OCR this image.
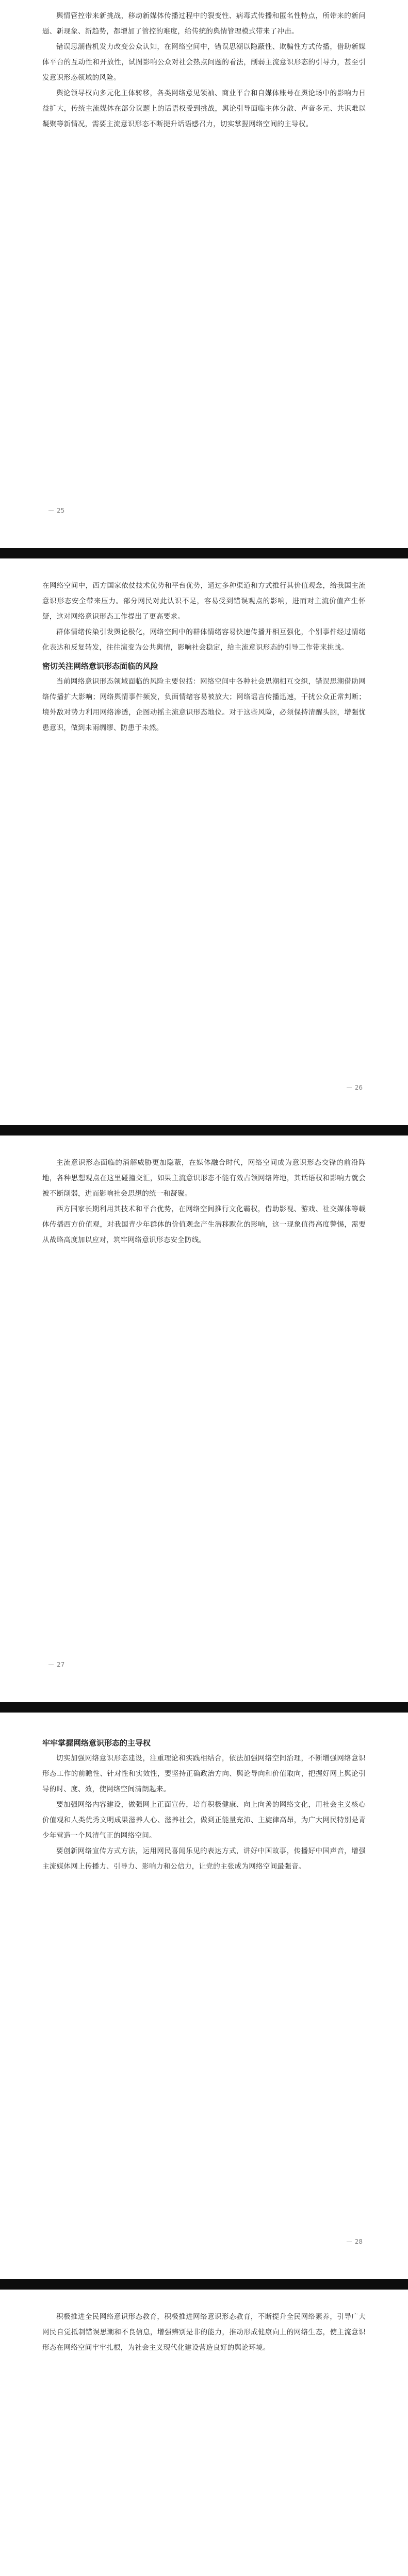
舆情管控带来新挑战，移动新媒体传播过程中的裂变性、病毒式传播和匿名性特点，所带来的新问题、新现象、新趋势，都增加了管控的难度，给传统的舆情管理模式带来了冲击。

错误思潮借机发力改变公众认知，在网络空间中，错误思潮以隐蔽性、欺骗性方式传播，借助新媒体平台的互动性和开放性，试图影响公众对社会热点问题的看法，削弱主流意识形态的引导力，甚至引发意识形态领域的风险。

舆论领导权向多元化主体转移，各类网络意见领袖、商业平台和自媒体账号在舆论场中的影响力日益扩大，传统主流媒体在部分议题上的话语权受到挑战，舆论引导面临主体分散、声音多元、共识难以凝聚等新情况，需要主流意识形态不断提升话语感召力，切实掌握网络空间的主导权。

25

在网络空间中，西方国家依仗技术优势和平台优势，通过多种渠道和方式推行其价值观念，给我国主流意识形态安全带来压力。部分网民对此认识不足，容易受到错误观点的影响，进而对主流价值产生怀疑，这对网络意识形态工作提出了更高要求。

群体情绪传染引发舆论极化，网络空间中的群体情绪容易快速传播并相互强化，个别事件经过情绪化表达和反复转发，往往演变为公共舆情，影响社会稳定，给主流意识形态的引导工作带来挑战。

密切关注网络意识形态面临的风险

当前网络意识形态领域面临的风险主要包括：网络空间中各种社会思潮相互交织，错误思潮借助网络传播扩大影响；网络舆情事件频发，负面情绪容易被放大；网络谣言传播迅速，干扰公众正常判断；境外敌对势力利用网络渗透，企图动摇主流意识形态地位。对于这些风险，必须保持清醒头脑，增强忧患意识，做到未雨绸缪、防患于未然。

26

主流意识形态面临的消解威胁更加隐蔽，在媒体融合时代，网络空间成为意识形态交锋的前沿阵地，各种思想观点在这里碰撞交汇，如果主流意识形态不能有效占领网络阵地，其话语权和影响力就会被不断削弱，进而影响社会思想的统一和凝聚。

西方国家长期利用其技术和平台优势，在网络空间推行文化霸权，借助影视、游戏、社交媒体等载体传播西方价值观，对我国青少年群体的价值观念产生潜移默化的影响，这一现象值得高度警惕，需要从战略高度加以应对，筑牢网络意识形态安全防线。

27
牢牢掌握网络意识形态的主导权

切实加强网络意识形态建设，注重理论和实践相结合，依法加强网络空间治理，不断增强网络意识形态工作的前瞻性、针对性和实效性，要坚持正确政治方向、舆论导向和价值取向，把握好网上舆论引导的时、度、效，使网络空间清朗起来。

要加强网络内容建设，做强网上正面宣传，培育积极健康、向上向善的网络文化，用社会主义核心价值观和人类优秀文明成果滋养人心、滋养社会，做到正能量充沛、主旋律高昂，为广大网民特别是青少年营造一个风清气正的网络空间。

要创新网络宣传方式方法，运用网民喜闻乐见的表达方式，讲好中国故事，传播好中国声音，增强主流媒体网上传播力、引导力、影响力和公信力，让党的主张成为网络空间最强音。

28

积极推进全民网络意识形态教育，积极推进网络意识形态教育，不断提升全民网络素养，引导广大网民自觉抵制错误思潮和不良信息，增强辨别是非的能力，推动形成健康向上的网络生态，使主流意识形态在网络空间牢牢扎根，为社会主义现代化建设营造良好的舆论环境。
